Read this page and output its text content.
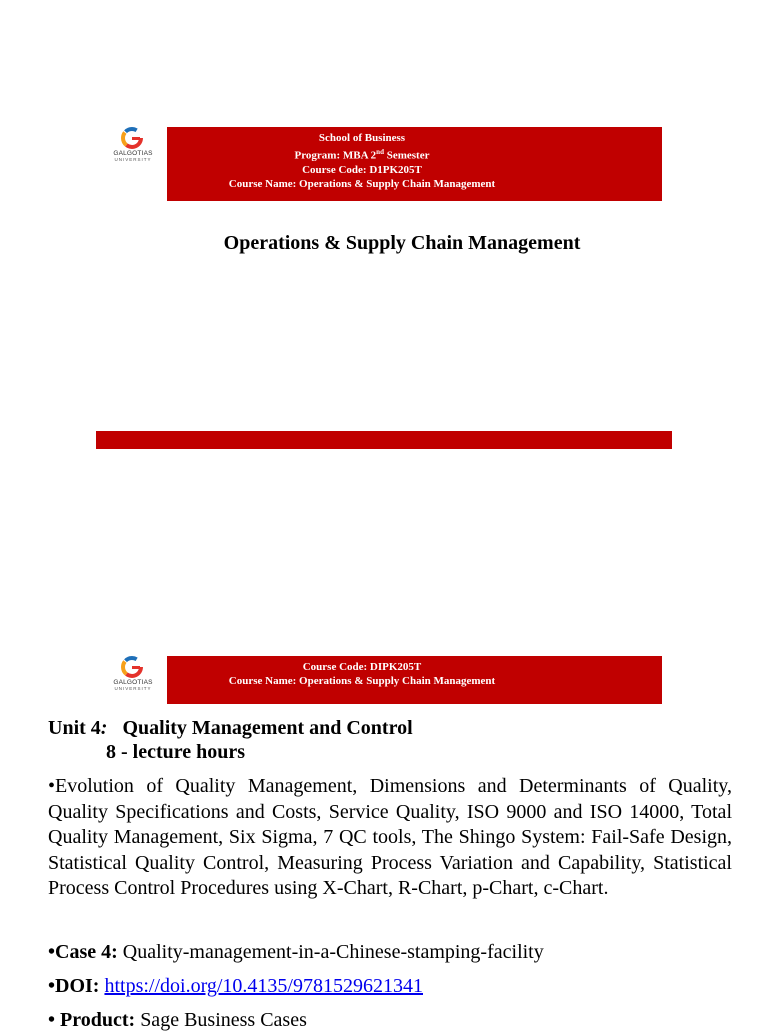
GALGOTIAS
UNIVERSITY
School of Business
Program: MBA 2nd Semester
Course Code: D1PK205T
Course Name: Operations & Supply Chain Management
Operations & Supply Chain Management
GALGOTIAS
UNIVERSITY
Course Code: DIPK205T
Course Name: Operations & Supply Chain Management
Unit 4: Quality Management and Control
8 - lecture hours
•Evolution of Quality Management, Dimensions and Determinants of Quality, Quality Specifications and Costs, Service Quality, ISO 9000 and ISO 14000, Total Quality Management, Six Sigma, 7 QC tools, The Shingo System: Fail-Safe Design, Statistical Quality Control, Measuring Process Variation and Capability, Statistical Process Control Procedures using X-Chart, R-Chart, p-Chart, c-Chart.
•Case 4: Quality-management-in-a-Chinese-stamping-facility
•DOI: https://doi.org/10.4135/9781529621341
• Product: Sage Business Cases
